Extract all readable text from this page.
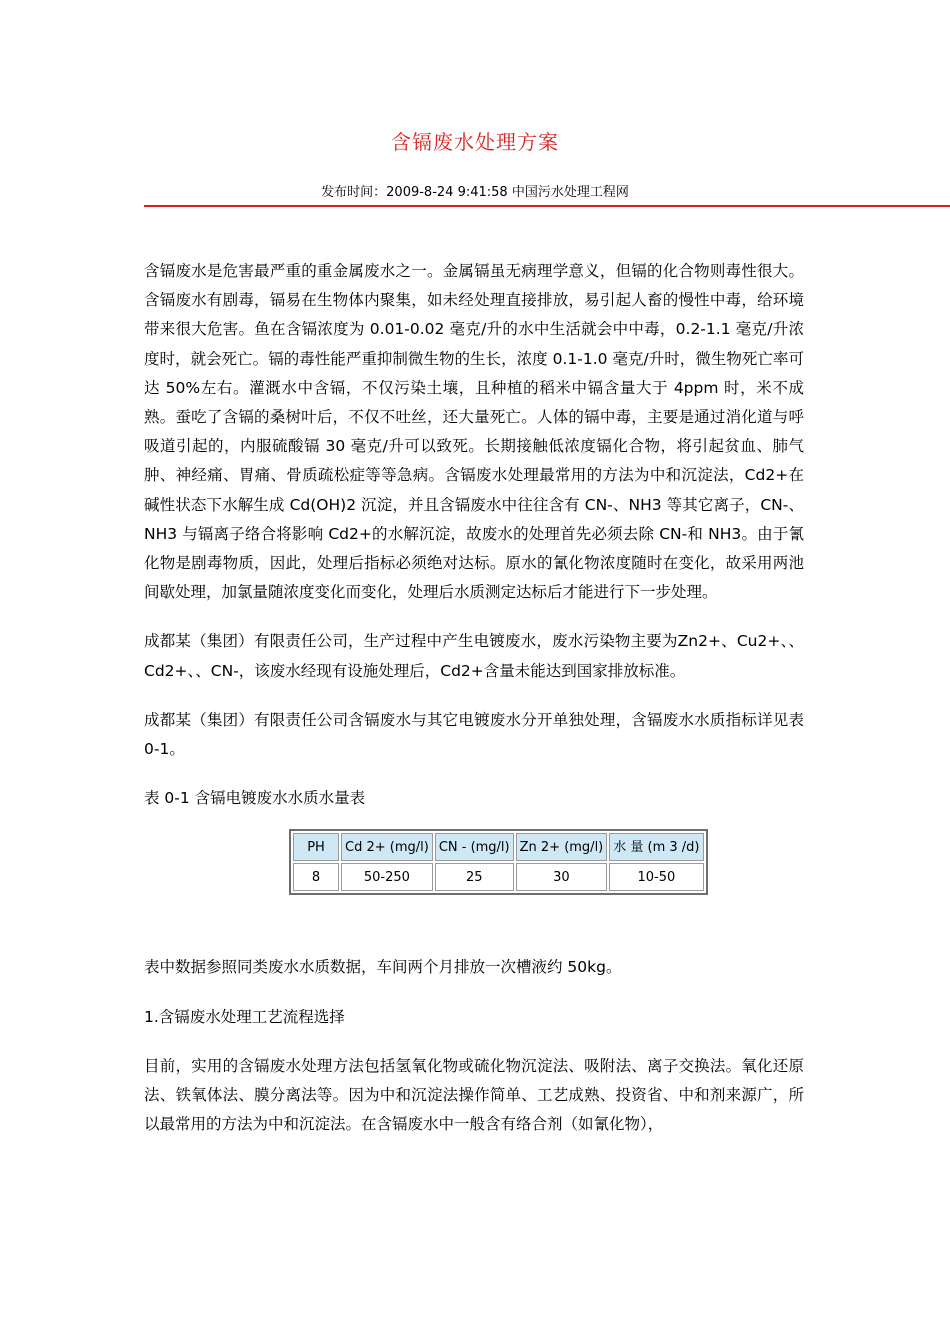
含镉废水处理方案
发布时间：2009-8-24 9:41:58 中国污水处理工程网

含镉废水是危害最严重的重金属废水之一。金属镉虽无病理学意义，但镉的化合物则毒性很大。含镉废水有剧毒，镉易在生物体内聚集，如未经处理直接排放，易引起人畜的慢性中毒，给环境带来很大危害。鱼在含镉浓度为 0.01-0.02 毫克/升的水中生活就会中中毒，0.2-1.1 毫克/升浓度时，就会死亡。镉的毒性能严重抑制微生物的生长，浓度 0.1-1.0 毫克/升时，微生物死亡率可达 50%左右。灌溉水中含镉，不仅污染土壤，且种植的稻米中镉含量大于 4ppm 时，米不成熟。蚕吃了含镉的桑树叶后，不仅不吐丝，还大量死亡。人体的镉中毒，主要是通过消化道与呼吸道引起的，内服硫酸镉 30 毫克/升可以致死。长期接触低浓度镉化合物，将引起贫血、肺气肿、神经痛、胃痛、骨质疏松症等等急病。含镉废水处理最常用的方法为中和沉淀法，Cd2+在碱性状态下水解生成 Cd(OH)2 沉淀，并且含镉废水中往往含有 CN-、NH3 等其它离子，CN-、NH3 与镉离子络合将影响 Cd2+的水解沉淀，故废水的处理首先必须去除 CN-和 NH3。由于氰化物是剧毒物质，因此，处理后指标必须绝对达标。原水的氰化物浓度随时在变化，故采用两池间歇处理，加氯量随浓度变化而变化，处理后水质测定达标后才能进行下一步处理。

成都某（集团）有限责任公司，生产过程中产生电镀废水，废水污染物主要为Zn2+、Cu2+、、Cd2+、、CN-，该废水经现有设施处理后，Cd2+含量未能达到国家排放标准。

成都某（集团）有限责任公司含镉废水与其它电镀废水分开单独处理，含镉废水水质指标详见表 0-1。

表 0-1 含镉电镀废水水质水量表

PH	Cd 2+ (mg/l)	CN - (mg/l)	Zn 2+ (mg/l)	水 量 (m 3 /d)
8	50-250	25	30	10-50

表中数据参照同类废水水质数据，车间两个月排放一次槽液约 50kg。

1.含镉废水处理工艺流程选择

目前，实用的含镉废水处理方法包括氢氧化物或硫化物沉淀法、吸附法、离子交换法。氧化还原法、铁氧体法、膜分离法等。因为中和沉淀法操作简单、工艺成熟、投资省、中和剂来源广，所以最常用的方法为中和沉淀法。在含镉废水中一般含有络合剂（如氰化物），
